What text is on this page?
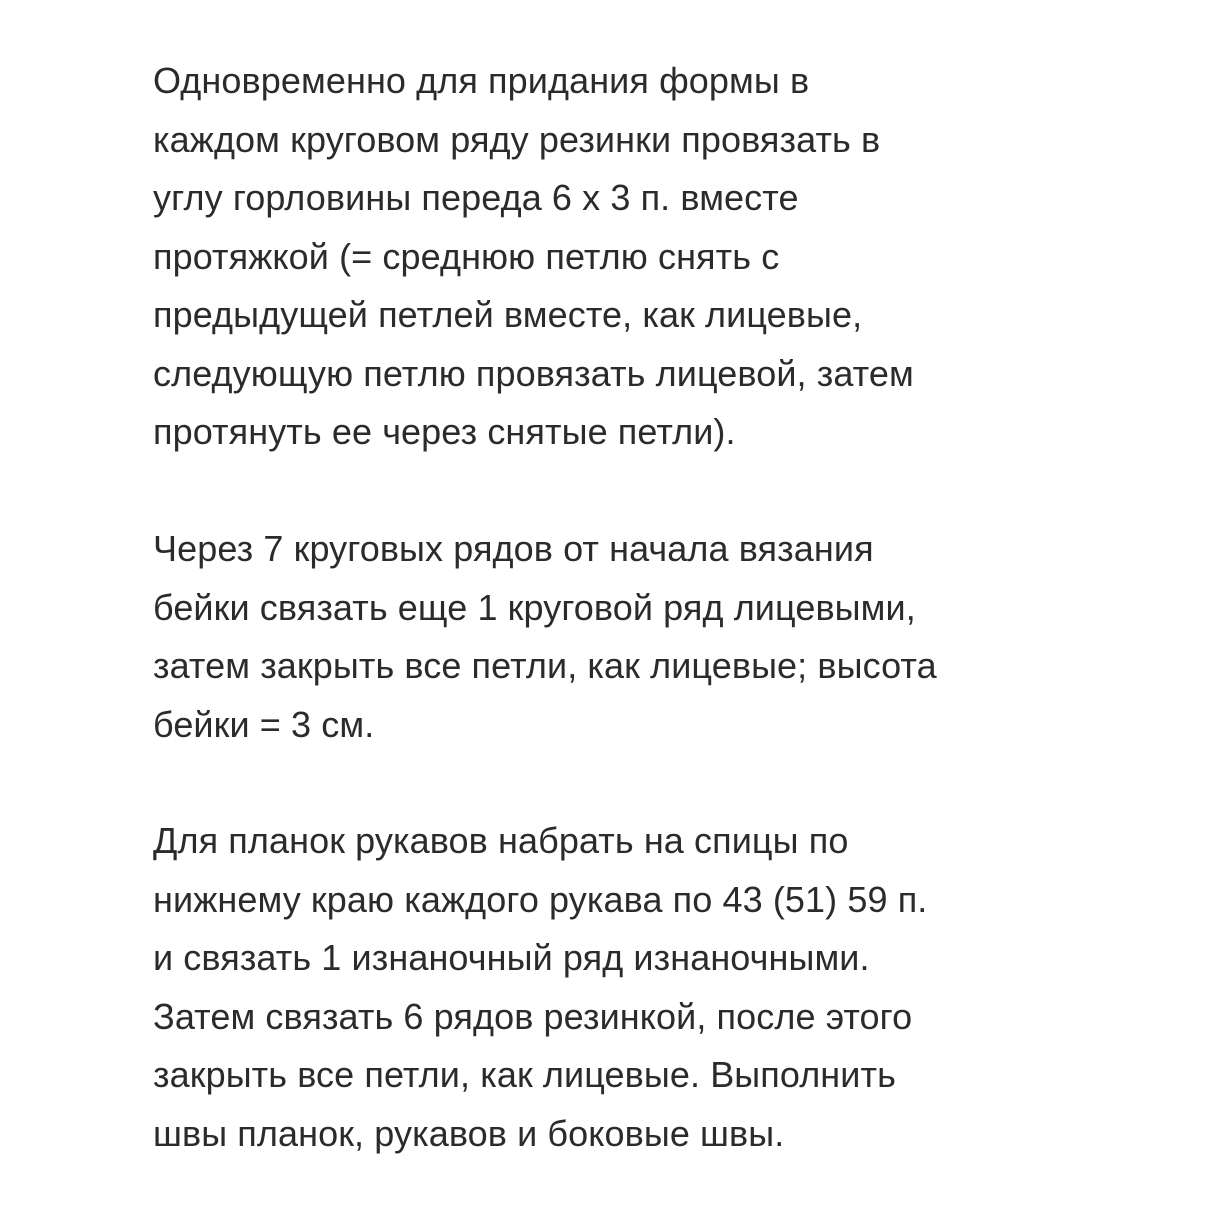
Одновременно для придания формы в
каждом круговом ряду резинки провязать в
углу горловины переда 6 х 3 п. вместе
протяжкой (= среднюю петлю снять с
предыдущей петлей вместе, как лицевые,
следующую петлю провязать лицевой, затем
протянуть ее через снятые петли).

Через 7 круговых рядов от начала вязания
бейки связать еще 1 круговой ряд лицевыми,
затем закрыть все петли, как лицевые; высота
бейки = 3 см.

Для планок рукавов набрать на спицы по
нижнему краю каждого рукава по 43 (51) 59 п.
и связать 1 изнаночный ряд изнаночными.
Затем связать 6 рядов резинкой, после этого
закрыть все петли, как лицевые. Выполнить
швы планок, рукавов и боковые швы.
